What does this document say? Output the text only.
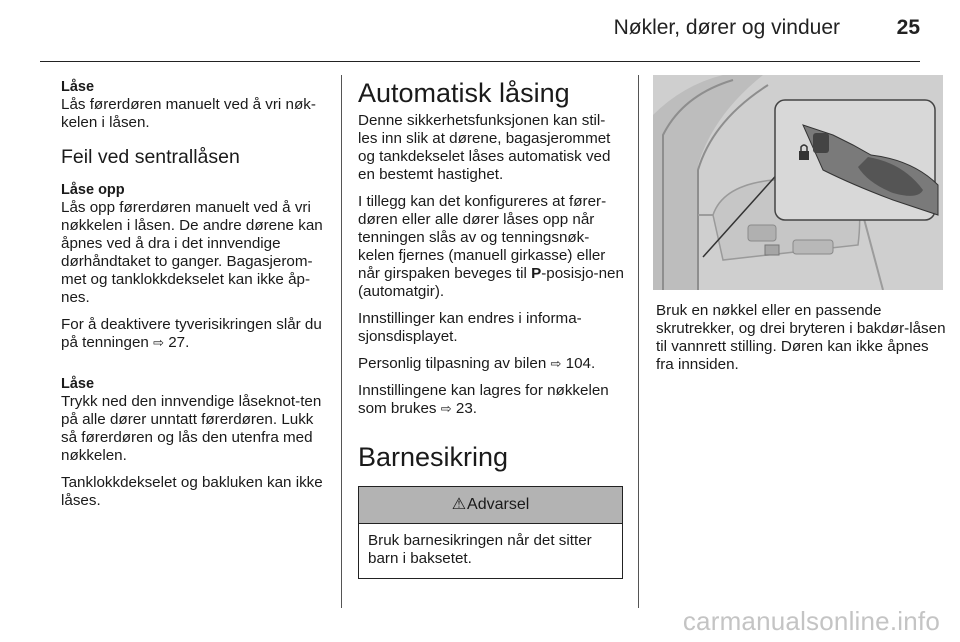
Nøkler, dører og vinduer	25
Låse

Lås førerdøren manuelt ved å vri nøk-kelen i låsen.

Feil ved sentrallåsen
Låse opp

Lås opp førerdøren manuelt ved å vri nøkkelen i låsen. De andre dørene kan åpnes ved å dra i det innvendige dørhåndtaket to ganger. Bagasjerom-met og tanklokkdekselet kan ikke åp-nes.

For å deaktivere tyverisikringen slår du på tenningen ⇨ 27.

Låse

Trykk ned den innvendige låseknot-ten på alle dører unntatt førerdøren. Lukk så førerdøren og lås den utenfra med nøkkelen.

Tanklokkdekselet og bakluken kan ikke låses.

Automatisk låsing

Denne sikkerhetsfunksjonen kan stil-les inn slik at dørene, bagasjerommet og tankdekselet låses automatisk ved en bestemt hastighet.

I tillegg kan det konfigureres at fører-døren eller alle dører låses opp når tenningen slås av og tenningsnøk-kelen fjernes (manuell girkasse) eller når girspaken beveges til P-posisjo-nen (automatgir).

Innstillinger kan endres i informa-sjonsdisplayet.

Personlig tilpasning av bilen ⇨ 104.

Innstillingene kan lagres for nøkkelen som brukes ⇨ 23.

Barnesikring
⚠ Advarsel
Bruk barnesikringen når det sitter barn i baksetet.

Bruk en nøkkel eller en passende skrutrekker, og drei bryteren i bakdør-låsen til vannrett stilling. Døren kan ikke åpnes fra innsiden.

carmanualsonline.info
